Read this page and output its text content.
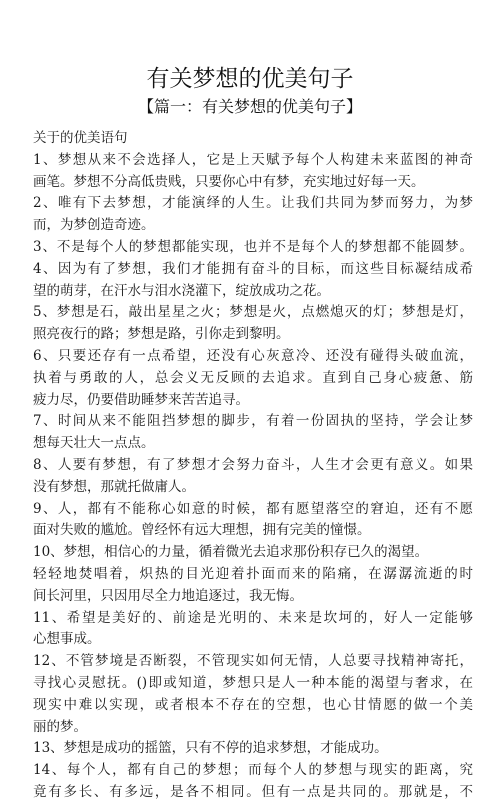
有关梦想的优美句子
【篇一：有关梦想的优美句子】
关于的优美语句
1、梦想从来不会选择人，它是上天赋予每个人构建未来蓝图的神奇
画笔。梦想不分高低贵贱，只要你心中有梦，充实地过好每一天。
2、唯有下去梦想，才能演绎的人生。让我们共同为梦而努力，为梦
而，为梦创造奇迹。
3、不是每个人的梦想都能实现，也并不是每个人的梦想都不能圆梦。
4、因为有了梦想，我们才能拥有奋斗的目标，而这些目标凝结成希
望的萌芽，在汗水与泪水浇灌下，绽放成功之花。
5、梦想是石，敲出星星之火；梦想是火，点燃熄灭的灯；梦想是灯，
照亮夜行的路；梦想是路，引你走到黎明。
6、只要还存有一点希望，还没有心灰意冷、还没有碰得头破血流，
执着与勇敢的人，总会义无反顾的去追求。直到自己身心疲惫、筋
疲力尽，仍要借助睡梦来苦苦追寻。
7、时间从来不能阻挡梦想的脚步，有着一份固执的坚持，学会让梦
想每天壮大一点点。
8、人要有梦想，有了梦想才会努力奋斗，人生才会更有意义。如果
没有梦想，那就托做庸人。
9、人，都有不能称心如意的时候，都有愿望落空的窘迫，还有不愿
面对失败的尴尬。曾经怀有远大理想，拥有完美的憧憬。
10、梦想，相信心的力量，循着微光去追求那份积存已久的渴望。
轻轻地焚唱着，炽热的目光迎着扑面而来的陷痛，在潺潺流逝的时
间长河里，只因用尽全力地追逐过，我无悔。
11、希望是美好的、前途是光明的、未来是坎坷的，好人一定能够
心想事成。
12、不管梦境是否断裂，不管现实如何无情，人总要寻找精神寄托，
寻找心灵慰抚。()即或知道，梦想只是人一种本能的渴望与奢求，在
现实中难以实现，或者根本不存在的空想，也心甘情愿的做一个美
丽的梦。
13、梦想是成功的摇篮，只有不停的追求梦想，才能成功。
14、每个人，都有自己的梦想；而每个人的梦想与现实的距离，究
竟有多长、有多远，是各不相同。但有一点是共同的。那就是，不
